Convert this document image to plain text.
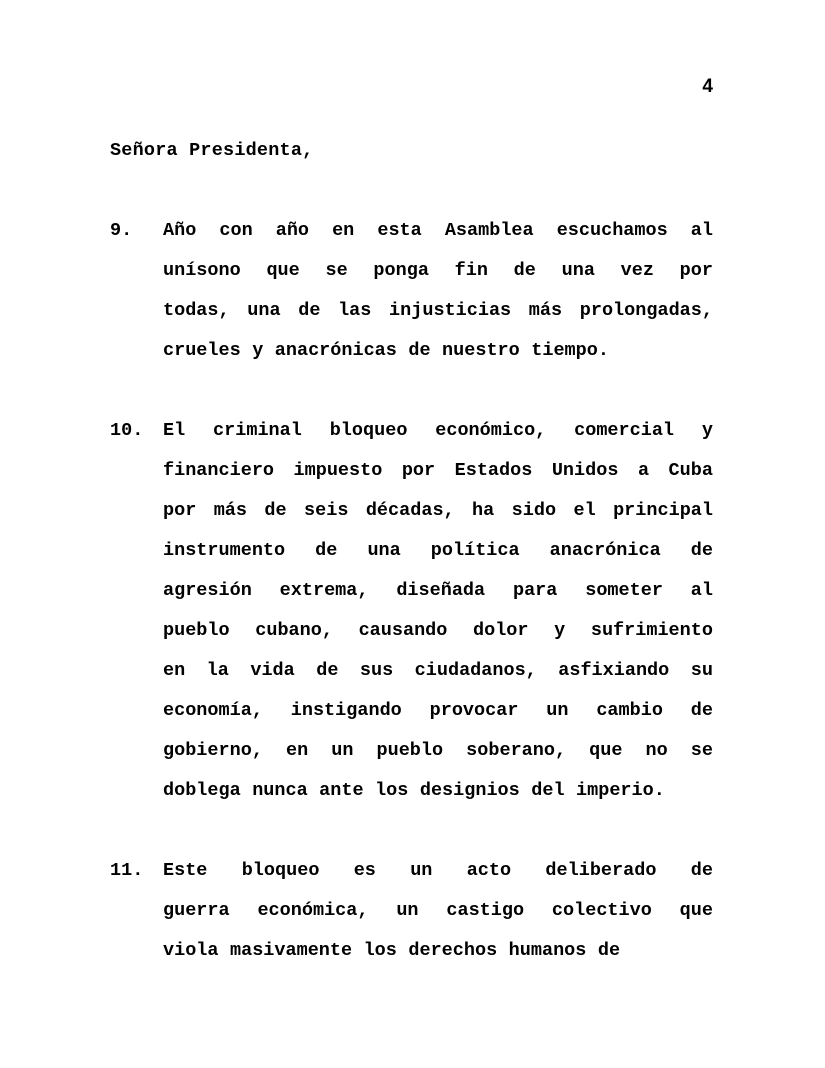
4
Señora Presidenta,
9.	Año con año en esta Asamblea escuchamos al
unísono que se ponga fin de una vez por
todas, una de las injusticias más prolongadas,
crueles y anacrónicas de nuestro tiempo.
10.	El criminal bloqueo económico, comercial y
financiero impuesto por Estados Unidos a Cuba
por más de seis décadas, ha sido el principal
instrumento de una política anacrónica de
agresión extrema, diseñada para someter al
pueblo cubano, causando dolor y sufrimiento
en la vida de sus ciudadanos, asfixiando su
economía, instigando provocar un cambio de
gobierno, en un pueblo soberano, que no se
doblega nunca ante los designios del imperio.
11.	Este bloqueo es un acto deliberado de
guerra económica, un castigo colectivo que
viola masivamente los derechos humanos de
